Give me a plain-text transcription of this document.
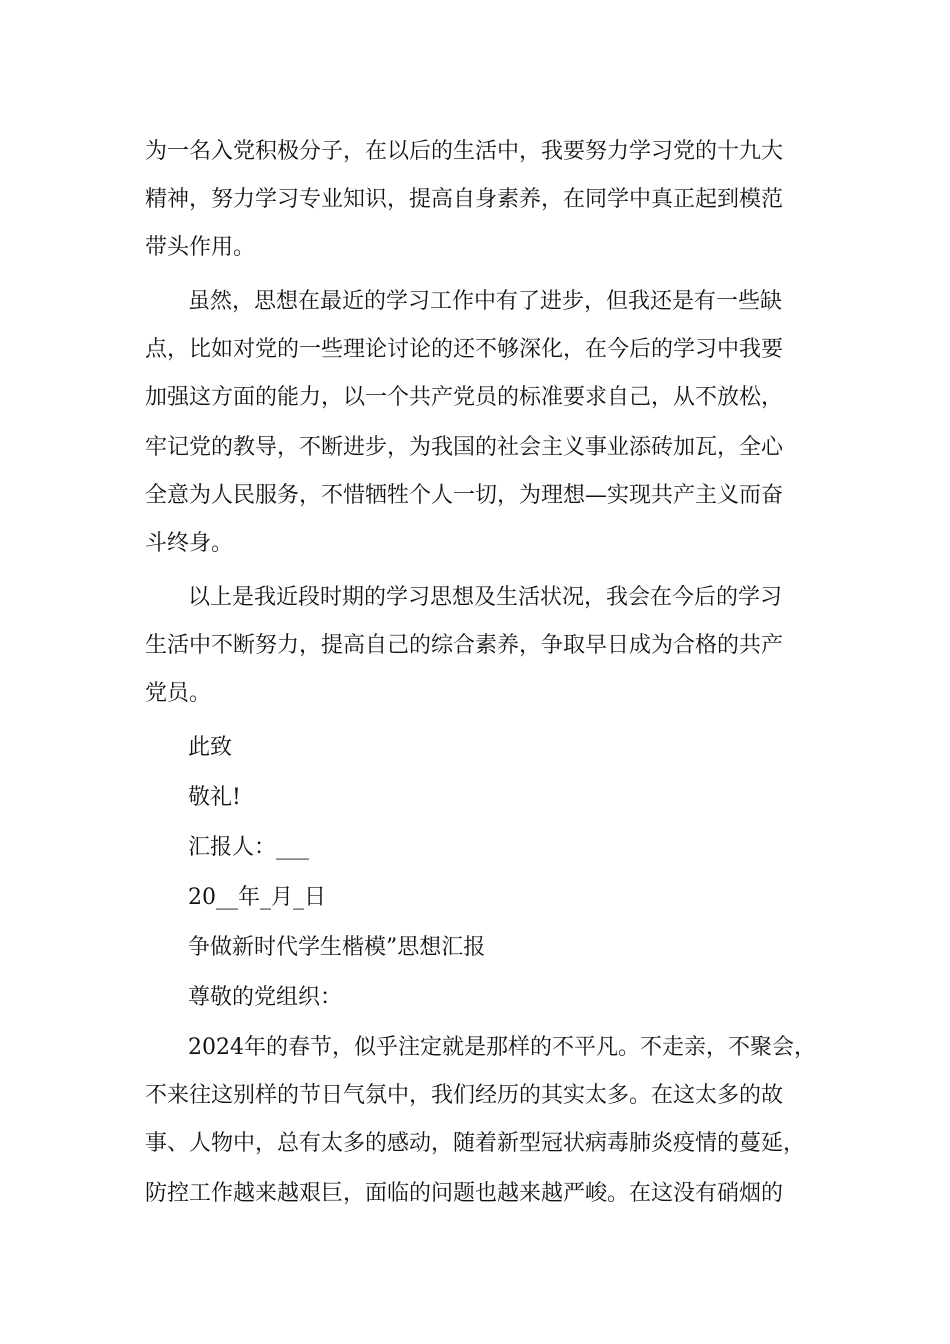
为一名入党积极分子，在以后的生活中，我要努力学习党的十九大
精神，努力学习专业知识，提高自身素养，在同学中真正起到模范
带头作用。
虽然，思想在最近的学习工作中有了进步，但我还是有一些缺
点，比如对党的一些理论讨论的还不够深化，在今后的学习中我要
加强这方面的能力，以一个共产党员的标准要求自己，从不放松，
牢记党的教导，不断进步，为我国的社会主义事业添砖加瓦，全心
全意为人民服务，不惜牺牲个人一切，为理想—实现共产主义而奋
斗终身。
以上是我近段时期的学习思想及生活状况，我会在今后的学习
生活中不断努力，提高自己的综合素养，争取早日成为合格的共产
党员。
此致
敬礼!
汇报人：___
20__年_月_日
争做新时代学生楷模”思想汇报
尊敬的党组织：
2024年的春节，似乎注定就是那样的不平凡。不走亲，不聚会，
不来往这别样的节日气氛中，我们经历的其实太多。在这太多的故
事、人物中，总有太多的感动，随着新型冠状病毒肺炎疫情的蔓延，
防控工作越来越艰巨，面临的问题也越来越严峻。在这没有硝烟的
